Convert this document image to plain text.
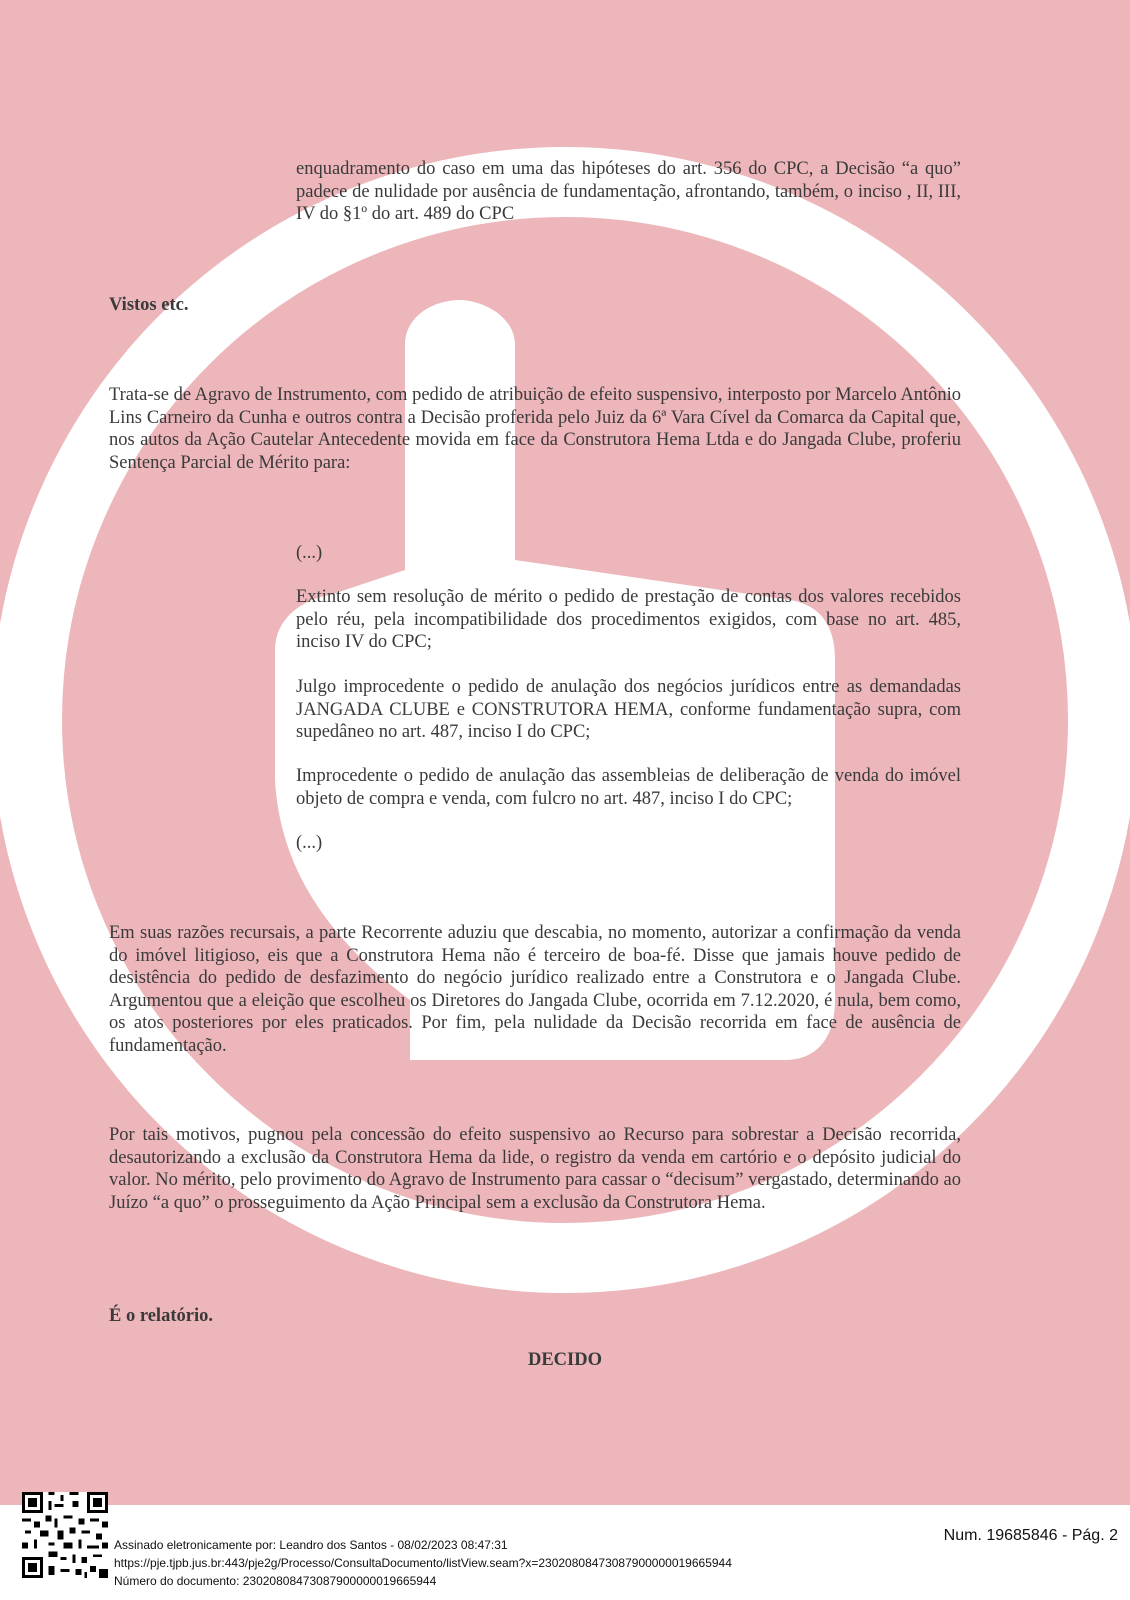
enquadramento do caso em uma das hipóteses do art. 356 do CPC, a Decisão “a quo” padece de nulidade por ausência de fundamentação, afrontando, também, o inciso , II, III, IV do §1º do art. 489 do CPC

Vistos etc.

Trata-se de Agravo de Instrumento, com pedido de atribuição de efeito suspensivo, interposto por Marcelo Antônio Lins Carneiro da Cunha e outros contra a Decisão proferida pelo Juiz da 6ª Vara Cível da Comarca da Capital que, nos autos da Ação Cautelar Antecedente movida em face da Construtora Hema Ltda e do Jangada Clube, proferiu Sentença Parcial de Mérito para:

(...)

Extinto sem resolução de mérito o pedido de prestação de contas dos valores recebidos pelo réu, pela incompatibilidade dos procedimentos exigidos, com base no art. 485, inciso IV do CPC;

Julgo improcedente o pedido de anulação dos negócios jurídicos entre as demandadas JANGADA CLUBE e CONSTRUTORA HEMA, conforme fundamentação supra, com supedâneo no art. 487, inciso I do CPC;

Improcedente o pedido de anulação das assembleias de deliberação de venda do imóvel objeto de compra e venda, com fulcro no art. 487, inciso I do CPC;

(...)

Em suas razões recursais, a parte Recorrente aduziu que descabia, no momento, autorizar a confirmação da venda do imóvel litigioso, eis que a Construtora Hema não é terceiro de boa-fé. Disse que jamais houve pedido de desistência do pedido de desfazimento do negócio jurídico realizado entre a Construtora e o Jangada Clube. Argumentou que a eleição que escolheu os Diretores do Jangada Clube, ocorrida em 7.12.2020, é nula, bem como, os atos posteriores por eles praticados. Por fim, pela nulidade da Decisão recorrida em face de ausência de fundamentação.

Por tais motivos, pugnou pela concessão do efeito suspensivo ao Recurso para sobrestar a Decisão recorrida, desautorizando a exclusão da Construtora Hema da lide, o registro da venda em cartório e o depósito judicial do valor. No mérito, pelo provimento do Agravo de Instrumento para cassar o “decisum” vergastado, determinando ao Juízo “a quo” o prosseguimento da Ação Principal sem a exclusão da Construtora Hema.

É o relatório.

DECIDO
Assinado eletronicamente por: Leandro dos Santos - 08/02/2023 08:47:31
https://pje.tjpb.jus.br:443/pje2g/Processo/ConsultaDocumento/listView.seam?x=23020808473087900000019665944
Número do documento: 23020808473087900000019665944
Num. 19685846 - Pág. 2
